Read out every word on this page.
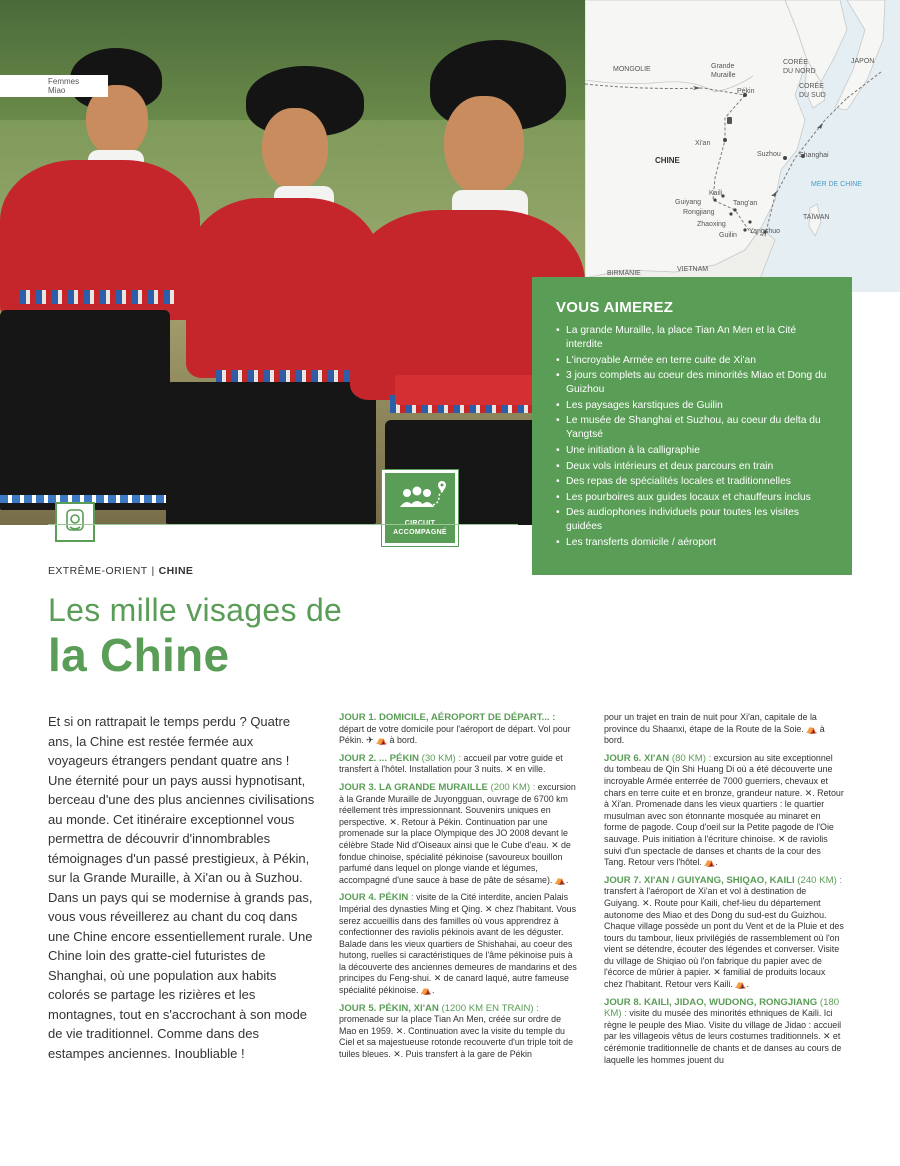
Femmes Miao
ACCOMPAGNÉ
MONGOLIE	Grande
Muraille
Pékin
CORÉE
DU NORD
CORÉE
DU SUD
JAPON
Xi'an
CHINE
Suzhou	Shanghai
MER DE CHINE
Kaili
Guiyang
Rongjiang
Tang'an
Zhaoxing
Guilin
Yangshuo
TAÏWAN
BIRMANIE
VIETNAM
VOUS AIMEREZ
• La grande Muraille, la place Tian An Men et la Cité interdite
• L'incroyable Armée en terre cuite de Xi'an
• 3 jours complets au coeur des minorités Miao et Dong du Guizhou
• Les paysages karstiques de Guilin
• Le musée de Shanghai et Suzhou, au coeur du delta du Yangtsé
• Une initiation à la calligraphie
• Deux vols intérieurs et deux parcours en train
• Des repas de spécialités locales et traditionnelles
• Les pourboires aux guides locaux et chauffeurs inclus
• Des audiophones individuels pour toutes les visites guidées
• Les transferts domicile / aéroport
EXTRÊME-ORIENT | CHINE
Les mille visages de
la Chine

Et si on rattrapait le temps perdu ? Quatre ans, la Chine est restée fermée aux voyageurs étrangers pendant quatre ans ! Une éternité pour un pays aussi hypnotisant, berceau d'une des plus anciennes civilisations au monde. Cet itinéraire exceptionnel vous permettra de découvrir d'innombrables témoignages d'un passé prestigieux, à Pékin, sur la Grande Muraille, à Xi'an ou à Suzhou. Dans un pays qui se modernise à grands pas, vous vous réveillerez au chant du coq dans une Chine encore essentiellement rurale. Une Chine loin des gratte-ciel futuristes de Shanghai, où une population aux habits colorés se partage les rizières et les montagnes, tout en s'accrochant à son mode de vie traditionnel. Comme dans des estampes anciennes. Inoubliable !

JOUR 1. DOMICILE, AÉROPORT DE DÉPART... : départ de votre domicile pour l'aéroport de départ. Vol pour Pékin. ✈ ⛺ à bord.

JOUR 2. ... PÉKIN (30 KM) : accueil par votre guide et transfert à l'hôtel. Installation pour 3 nuits. ✕ en ville.

JOUR 3. LA GRANDE MURAILLE (200 KM) : excursion à la Grande Muraille de Juyongguan, ouvrage de 6700 km réellement très impressionnant. Souvenirs uniques en perspective. ✕. Retour à Pékin. Continuation par une promenade sur la place Olympique des JO 2008 devant le célèbre Stade Nid d'Oiseaux ainsi que le Cube d'eau. ✕ de fondue chinoise, spécialité pékinoise (savoureux bouillon parfumé dans lequel on plonge viande et légumes, accompagné d'une sauce à base de pâte de sésame). ⛺.

JOUR 4. PÉKIN : visite de la Cité interdite, ancien Palais Impérial des dynasties Ming et Qing. ✕ chez l'habitant. Vous serez accueillis dans des familles où vous apprendrez à confectionner des raviolis pékinois avant de les déguster. Balade dans les vieux quartiers de Shishahai, au coeur des hutong, ruelles si caractéristiques de l'âme pékinoise puis à la découverte des anciennes demeures de mandarins et des principes du Feng-shui. ✕ de canard laqué, autre fameuse spécialité pékinoise. ⛺.

JOUR 5. PÉKIN, XI'AN (1200 KM EN TRAIN) : promenade sur la place Tian An Men, créée sur ordre de Mao en 1959. ✕. Continuation avec la visite du temple du Ciel et sa majestueuse rotonde recouverte d'un triple toit de tuiles bleues. ✕. Puis transfert à la gare de Pékin

pour un trajet en train de nuit pour Xi'an, capitale de la province du Shaanxi, étape de la Route de la Soie. ⛺ à bord.

JOUR 6. XI'AN (80 KM) : excursion au site exceptionnel du tombeau de Qin Shi Huang Di où a été découverte une incroyable Armée enterrée de 7000 guerriers, chevaux et chars en terre cuite et en bronze, grandeur nature. ✕. Retour à Xi'an. Promenade dans les vieux quartiers : le quartier musulman avec son étonnante mosquée au minaret en forme de pagode. Coup d'oeil sur la Petite pagode de l'Oie sauvage. Puis initiation à l'écriture chinoise. ✕ de raviolis suivi d'un spectacle de danses et chants de la cour des Tang. Retour vers l'hôtel. ⛺.

JOUR 7. XI'AN / GUIYANG, SHIQAO, KAILI (240 KM) : transfert à l'aéroport de Xi'an et vol à destination de Guiyang. ✕. Route pour Kaili, chef-lieu du département autonome des Miao et des Dong du sud-est du Guizhou. Chaque village possède un pont du Vent et de la Pluie et des tours du tambour, lieux privilégiés de rassemblement où l'on vient se détendre, écouter des légendes et converser. Visite du village de Shiqiao où l'on fabrique du papier avec de l'écorce de mûrier à papier. ✕ familial de produits locaux chez l'habitant. Retour vers Kaili. ⛺.

JOUR 8. KAILI, JIDAO, WUDONG, RONGJIANG (180 KM) : visite du musée des minorités ethniques de Kaili. Ici règne le peuple des Miao. Visite du village de Jidao : accueil par les villageois vêtus de leurs costumes traditionnels. ✕ et cérémonie traditionnelle de chants et de danses au cours de laquelle les hommes jouent du
